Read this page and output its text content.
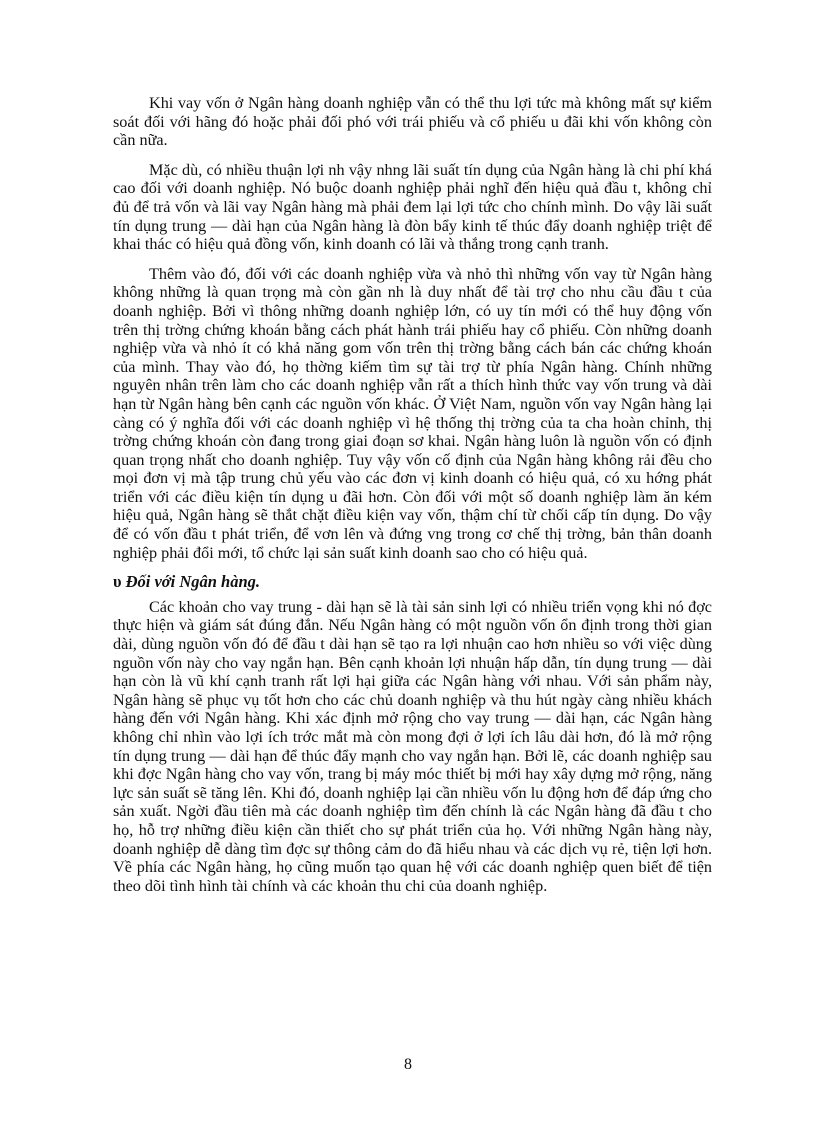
Khi vay vốn ở Ngân hàng doanh nghiệp vẫn có thể thu lợi tức mà không mất sự kiểm soát đối với hãng đó hoặc phải đối phó với trái phiếu và cổ phiếu u đãi khi vốn không còn cần nữa.

Mặc dù, có nhiều thuận lợi nh vậy nhng lãi suất tín dụng của Ngân hàng là chi phí khá cao đối với doanh nghiệp. Nó buộc doanh nghiệp phải nghĩ đến hiệu quả đầu t, không chỉ đủ để trả vốn và lãi vay Ngân hàng mà phải đem lại lợi tức cho chính mình. Do vậy lãi suất tín dụng trung — dài hạn của Ngân hàng là đòn bẩy kinh tế thúc đẩy doanh nghiệp triệt để khai thác có hiệu quả đồng vốn, kinh doanh có lãi và thắng trong cạnh tranh.

Thêm vào đó, đối với các doanh nghiệp vừa và nhỏ thì những vốn vay từ Ngân hàng không những là quan trọng mà còn gần nh là duy nhất để tài trợ cho nhu cầu đầu t của doanh nghiệp. Bởi vì thông những doanh nghiệp lớn, có uy tín mới có thể huy động vốn trên thị trờng chứng khoán bằng cách phát hành trái phiếu hay cổ phiếu. Còn những doanh nghiệp vừa và nhỏ ít có khả năng gom vốn trên thị trờng bằng cách bán các chứng khoán của mình. Thay vào đó, họ thờng kiếm tìm sự tài trợ từ phía Ngân hàng. Chính những nguyên nhân trên làm cho các doanh nghiệp vẫn rất a thích hình thức vay vốn trung và dài hạn từ Ngân hàng bên cạnh các nguồn vốn khác. Ở Việt Nam, nguồn vốn vay Ngân hàng lại càng có ý nghĩa đối với các doanh nghiệp vì hệ thống thị trờng của ta cha hoàn chỉnh, thị trờng chứng khoán còn đang trong giai đoạn sơ khai. Ngân hàng luôn là nguồn vốn có định quan trọng nhất cho doanh nghiệp. Tuy vậy vốn cố định của Ngân hàng không rải đều cho mọi đơn vị mà tập trung chủ yếu vào các đơn vị kinh doanh có hiệu quả, có xu hớng phát triển với các điều kiện tín dụng u đãi hơn. Còn đối với một số doanh nghiệp làm ăn kém hiệu quả, Ngân hàng sẽ thắt chặt điều kiện vay vốn, thậm chí từ chối cấp tín dụng. Do vậy để có vốn đầu t phát triển, để vơn lên và đứng vng trong cơ chế thị trờng, bản thân doanh nghiệp phải đổi mới, tổ chức lại sản suất kinh doanh sao cho có hiệu quả.

υ Đối với Ngân hàng.

Các khoản cho vay trung - dài hạn sẽ là tài sản sinh lợi có nhiều triển vọng khi nó đợc thực hiện và giám sát đúng đắn. Nếu Ngân hàng có một nguồn vốn ổn định trong thời gian dài, dùng nguồn vốn đó để đầu t dài hạn sẽ tạo ra lợi nhuận cao hơn nhiều so với việc dùng nguồn vốn này cho vay ngắn hạn. Bên cạnh khoản lợi nhuận hấp dẫn, tín dụng trung — dài hạn còn là vũ khí cạnh tranh rất lợi hại giữa các Ngân hàng với nhau. Với sản phẩm này, Ngân hàng sẽ phục vụ tốt hơn cho các chủ doanh nghiệp và thu hút ngày càng nhiều khách hàng đến với Ngân hàng. Khi xác định mở rộng cho vay trung — dài hạn, các Ngân hàng không chỉ nhìn vào lợi ích trớc mắt mà còn mong đợi ở lợi ích lâu dài hơn, đó là mở rộng tín dụng trung — dài hạn để thúc đẩy mạnh cho vay ngắn hạn. Bởi lẽ, các doanh nghiệp sau khi đợc Ngân hàng cho vay vốn, trang bị máy móc thiết bị mới hay xây dựng mở rộng, năng lực sản suất sẽ tăng lên. Khi đó, doanh nghiệp lại cần nhiều vốn lu động hơn để đáp ứng cho sản xuất. Ngời đầu tiên mà các doanh nghiệp tìm đến chính là các Ngân hàng đã đầu t cho họ, hỗ trợ những điều kiện cần thiết cho sự phát triển của họ. Với những Ngân hàng này, doanh nghiệp dễ dàng tìm đợc sự thông cảm do đã hiểu nhau và các dịch vụ rẻ, tiện lợi hơn. Về phía các Ngân hàng, họ cũng muốn tạo quan hệ với các doanh nghiệp quen biết để tiện theo dõi tình hình tài chính và các khoản thu chi của doanh nghiệp.

8
